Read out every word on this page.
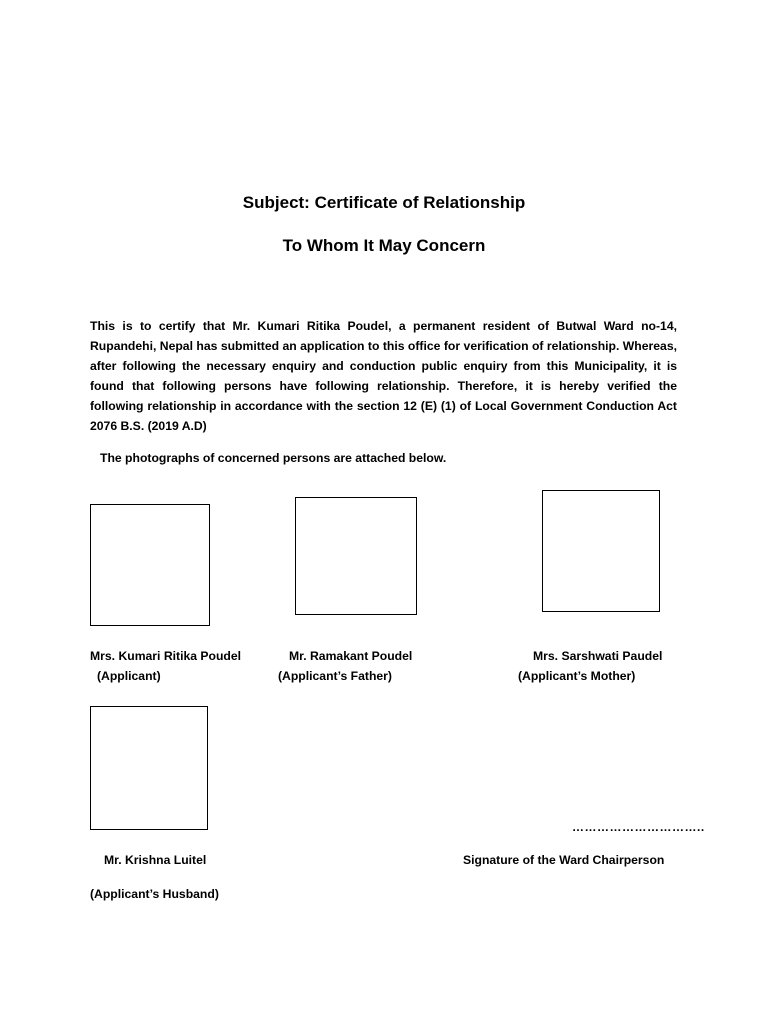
Subject: Certificate of Relationship
To Whom It May Concern

This is to certify that Mr. Kumari Ritika Poudel, a permanent resident of Butwal Ward no-14, Rupandehi, Nepal has submitted an application to this office for verification of relationship. Whereas, after following the necessary enquiry and conduction public enquiry from this Municipality, it is found that following persons have following relationship. Therefore, it is hereby verified the following relationship in accordance with the section 12 (E) (1) of Local Government Conduction Act 2076 B.S. (2019 A.D)

The photographs of concerned persons are attached below.
Mrs. Kumari Ritika Poudel
(Applicant)
Mr. Ramakant Poudel
(Applicant’s Father)
Mrs. Sarshwati Paudel
(Applicant’s Mother)
Mr. Krishna Luitel
(Applicant’s Husband)
…………………………..
Signature of the Ward Chairperson
